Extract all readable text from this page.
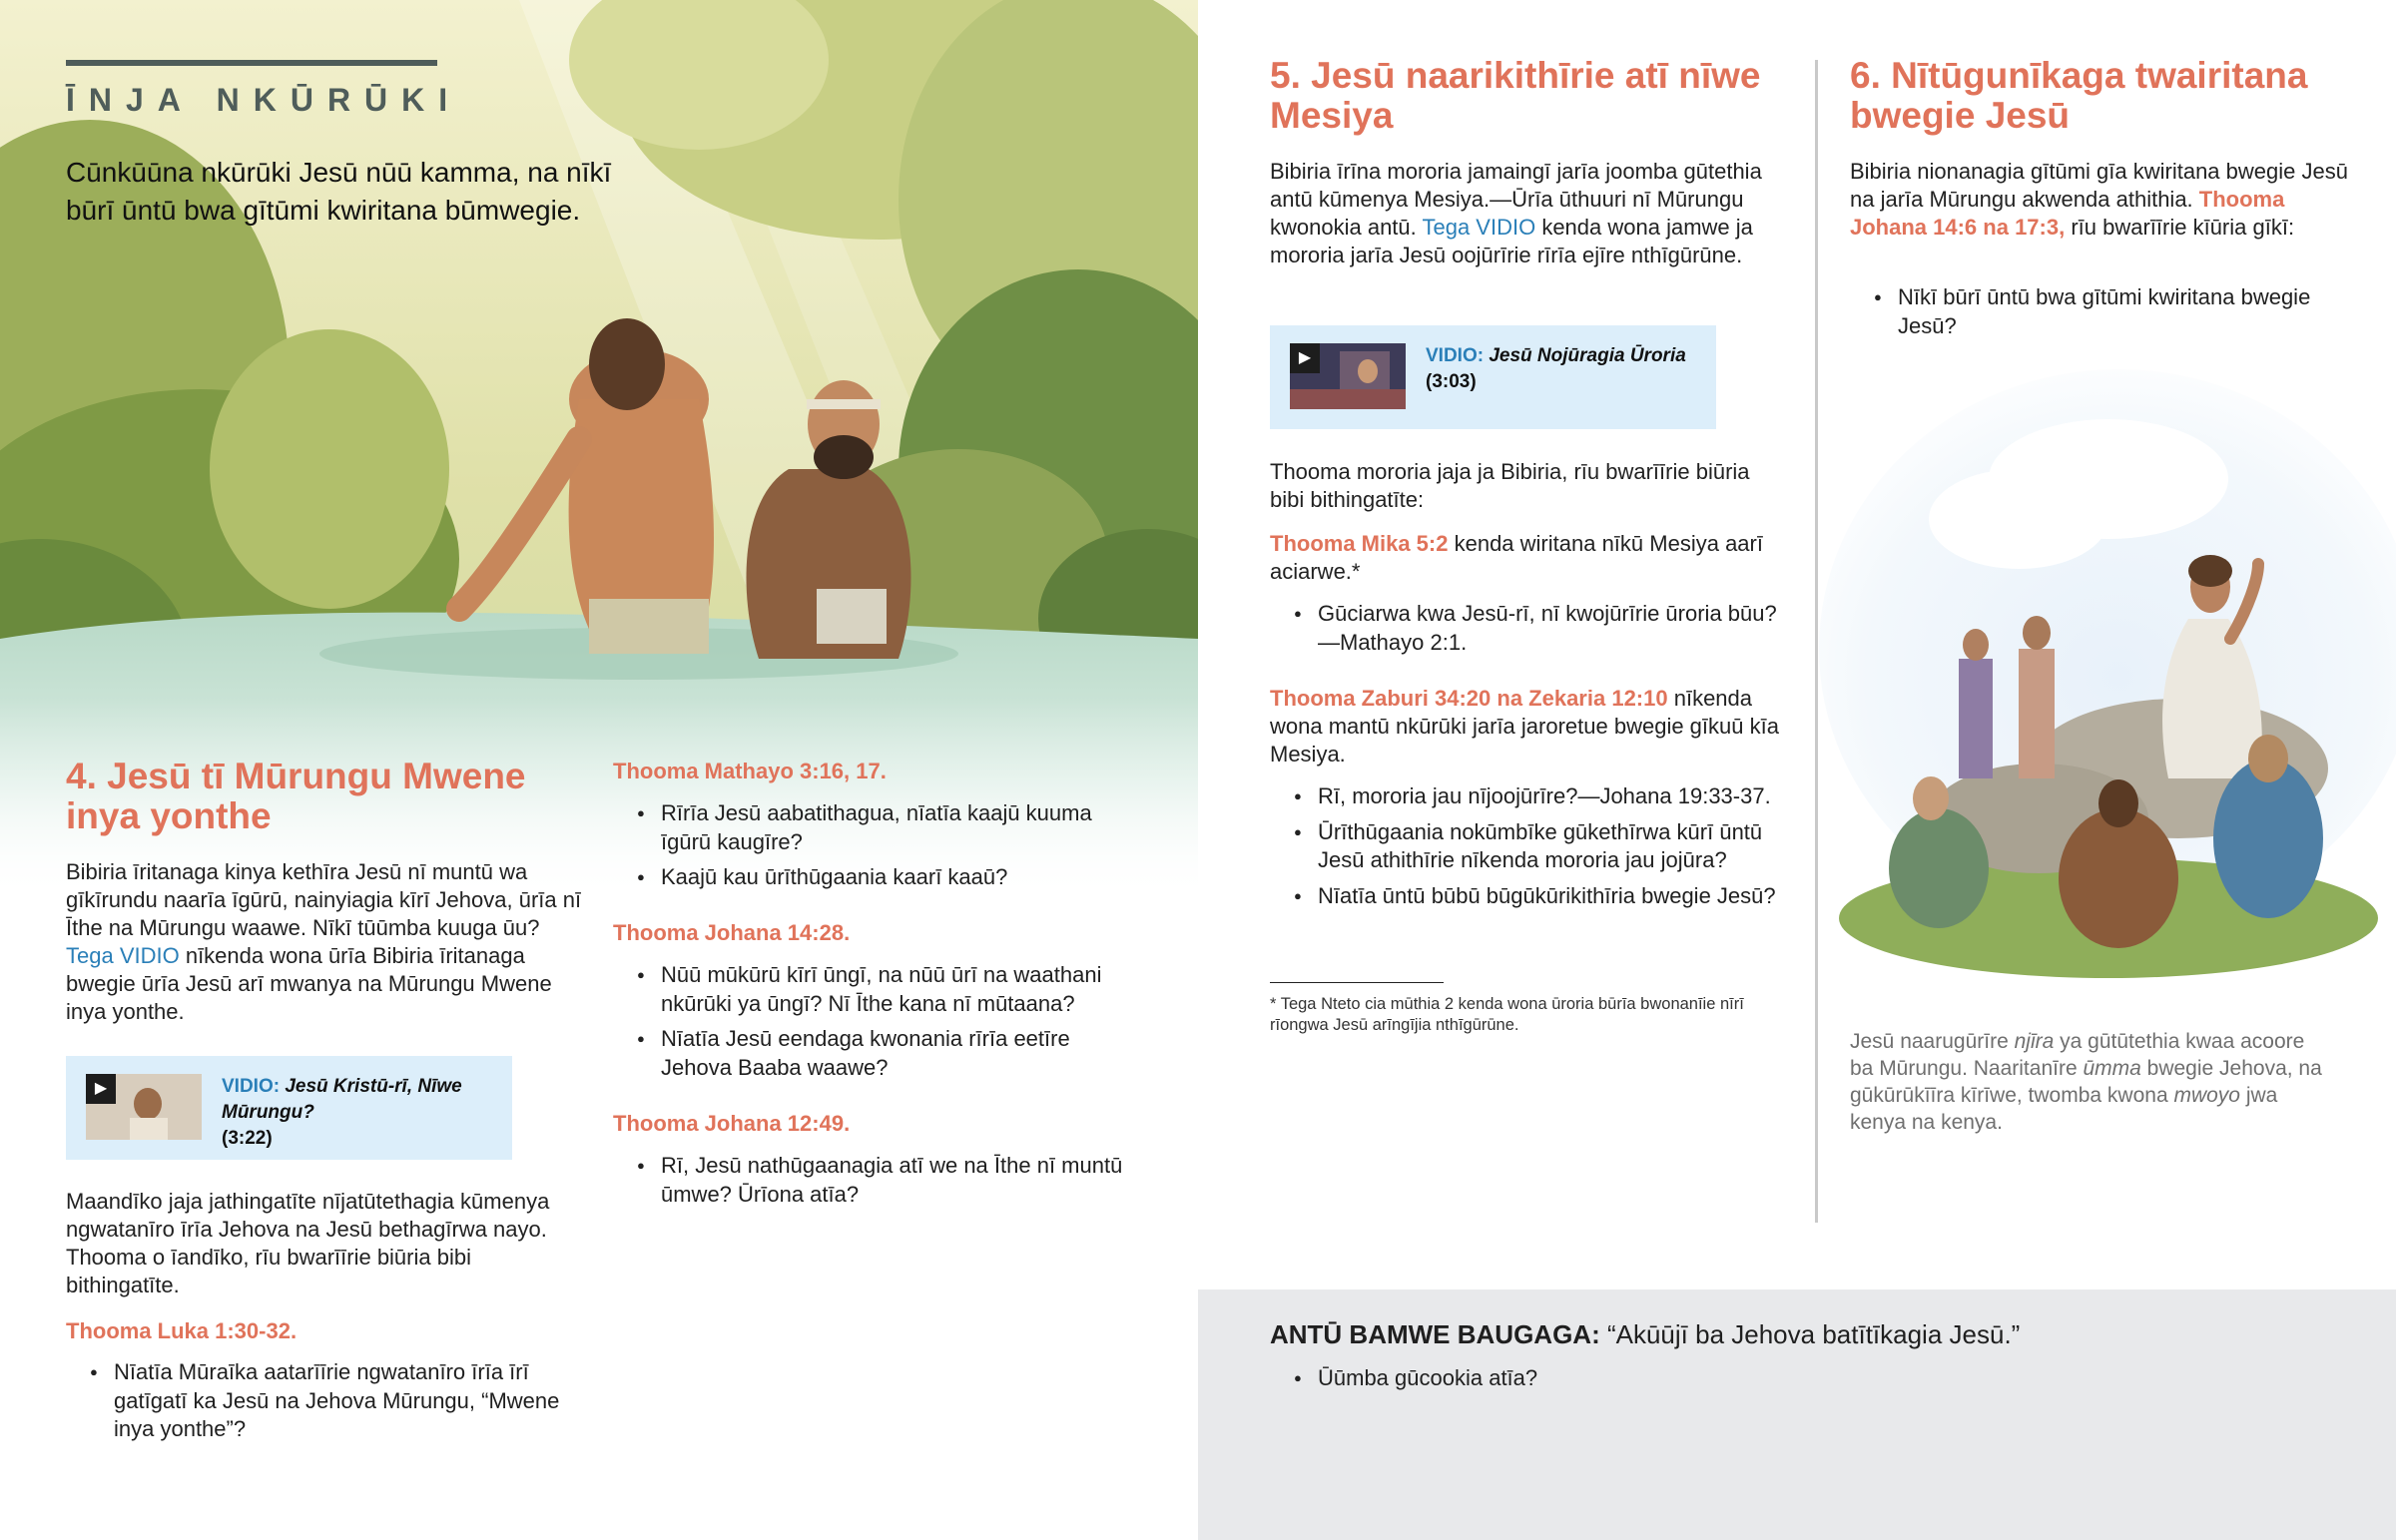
ĪNJA NKŪRŪKI
Cūnkūūna nkūrūki Jesū nūū kamma, na nīkī būrī ūntū bwa gītūmi kwiritana būmwegie.
4. Jesū tī Mūrungu Mwene inya yonthe
Bibiria īritanaga kinya kethīra Jesū nī muntū wa gīkīrundu naarīa īgūrū, nainyiagia kīrī Jehova, ūrīa nī Īthe na Mūrungu waawe. Nīkī tūūmba kuuga ūu? Tega VIDIO nīkenda wona ūrīa Bibiria īritanaga bwegie ūrīa Jesū arī mwanya na Mūrungu Mwene inya yonthe.
▶	VIDIO: Jesū Kristū-rī, Nīwe Mūrungu?
(3:22)
Maandīko jaja jathingatīte nījatūtethagia kūmenya ngwatanīro īrīa Jehova na Jesū bethagīrwa nayo. Thooma o īandīko, rīu bwarīīrie biūria bibi bithingatīte.
Thooma Luka 1:30-32.
● Nīatīa Mūraīka aatarīīrie ngwatanīro īrīa īrī gatīgatī ka Jesū na Jehova Mūrungu, “Mwene inya yonthe”?
Thooma Mathayo 3:16, 17.
● Rīrīa Jesū aabatithagua, nīatīa kaajū kuuma īgūrū kaugīre?
● Kaajū kau ūrīthūgaania kaarī kaaū?
Thooma Johana 14:28.
● Nūū mūkūrū kīrī ūngī, na nūū ūrī na waathani nkūrūki ya ūngī? Nī Īthe kana nī mūtaana?
● Nīatīa Jesū eendaga kwonania rīrīa eetīre Jehova Baaba waawe?
Thooma Johana 12:49.
● Rī, Jesū nathūgaanagia atī we na Īthe nī muntū ūmwe? Ūrīona atīa?
5. Jesū naarikithīrie atī nīwe Mesiya
Bibiria īrīna mororia jamaingī jarīa joomba gūtethia antū kūmenya Mesiya.—Ūrīa ūthuuri nī Mūrungu kwonokia antū. Tega VIDIO kenda wona jamwe ja mororia jarīa Jesū oojūrīrie rīrīa ejīre nthīgūrūne.
▶	VIDIO: Jesū Nojūragia Ūroria
(3:03)
Thooma mororia jaja ja Bibiria, rīu bwarīīrie biūria bibi bithingatīte:
Thooma Mika 5:2 kenda wiritana nīkū Mesiya aarī aciarwe.*
● Gūciarwa kwa Jesū-rī, nī kwojūrīrie ūroria būu?—Mathayo 2:1.
Thooma Zaburi 34:20 na Zekaria 12:10 nīkenda wona mantū nkūrūki jarīa jaroretue bwegie gīkuū kīa Mesiya.
● Rī, mororia jau nījoojūrīre?—Johana 19:33-37.
● Ūrīthūgaania nokūmbīke gūkethīrwa kūrī ūntū Jesū athithīrie nīkenda mororia jau jojūra?
● Nīatīa ūntū būbū būgūkūrikithīria bwegie Jesū?
* Tega Nteto cia mūthia 2 kenda wona ūroria būrīa bwonanīie nīrī rīongwa Jesū arīngījia nthīgūrūne.
6. Nītūgunīkaga twairitana bwegie Jesū
Bibiria nionanagia gītūmi gīa kwiritana bwegie Jesū na jarīa Mūrungu akwenda athithia. Thooma Johana 14:6 na 17:3, rīu bwarīīrie kīūria gīkī:
● Nīkī būrī ūntū bwa gītūmi kwiritana bwegie Jesū?
Jesū naarugūrīre njīra ya gūtūtethia kwaa acoore ba Mūrungu. Naaritanīre ūmma bwegie Jehova, na gūkūrūkīīra kīrīwe, twomba kwona mwoyo jwa kenya na kenya.
ANTŪ BAMWE BAUGAGA: “Akūūjī ba Jehova batītīkagia Jesū.”
● Ūūmba gūcookia atīa?
